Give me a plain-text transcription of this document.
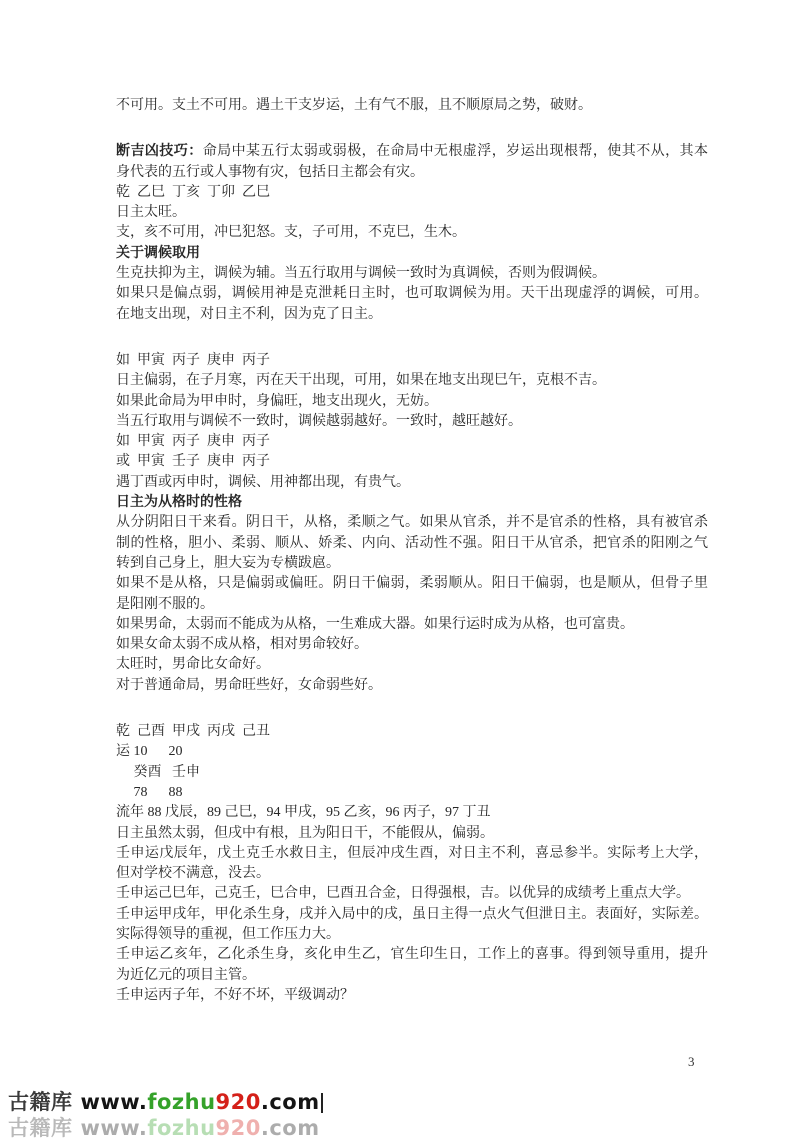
不可用。支土不可用。遇土干支岁运，土有气不服，且不顺原局之势，破财。
断吉凶技巧：命局中某五行太弱或弱极，在命局中无根虚浮，岁运出现根帮，使其不从，其本
身代表的五行或人事物有灾，包括日主都会有灾。
乾  乙巳  丁亥  丁卯  乙巳
日主太旺。
支，亥不可用，冲巳犯怒。支，子可用，不克巳，生木。
关于调候取用
生克扶抑为主，调候为辅。当五行取用与调候一致时为真调候，否则为假调候。
如果只是偏点弱，调候用神是克泄耗日主时，也可取调候为用。天干出现虚浮的调候，可用。
在地支出现，对日主不利，因为克了日主。
如  甲寅  丙子  庚申  丙子
日主偏弱，在子月寒，丙在天干出现，可用，如果在地支出现巳午，克根不吉。
如果此命局为甲申时，身偏旺，地支出现火，无妨。
当五行取用与调候不一致时，调候越弱越好。一致时，越旺越好。
如  甲寅  丙子  庚申  丙子
或  甲寅  壬子  庚申  丙子
遇丁酉或丙申时，调候、用神都出现，有贵气。
日主为从格时的性格
从分阴阳日干来看。阴日干，从格，柔顺之气。如果从官杀，并不是官杀的性格，具有被官杀
制的性格，胆小、柔弱、顺从、娇柔、内向、活动性不强。阳日干从官杀，把官杀的阳刚之气
转到自己身上，胆大妄为专横跋扈。
如果不是从格，只是偏弱或偏旺。阴日干偏弱，柔弱顺从。阳日干偏弱，也是顺从，但骨子里
是阳刚不服的。
如果男命，太弱而不能成为从格，一生难成大器。如果行运时成为从格，也可富贵。
如果女命太弱不成从格，相对男命较好。
太旺时，男命比女命好。
对于普通命局，男命旺些好，女命弱些好。
乾  己酉  甲戌  丙戌  己丑
运 10      20
癸酉   壬申
78      88
流年 88 戊辰，89 己巳，94 甲戌，95 乙亥，96 丙子，97 丁丑
日主虽然太弱，但戌中有根，且为阳日干，不能假从，偏弱。
壬申运戊辰年，戊土克壬水救日主，但辰冲戌生酉，对日主不利，喜忌参半。实际考上大学，
但对学校不满意，没去。
壬申运己巳年，己克壬，巳合申，巳酉丑合金，日得强根，吉。以优异的成绩考上重点大学。
壬申运甲戌年，甲化杀生身，戌并入局中的戌，虽日主得一点火气但泄日主。表面好，实际差。
实际得领导的重视，但工作压力大。
壬申运乙亥年，乙化杀生身，亥化申生乙，官生印生日，工作上的喜事。得到领导重用，提升
为近亿元的项目主管。
壬申运丙子年，不好不坏，平级调动？
3
古籍库 www.fozhu920.com
古籍库 www.fozhu920.com
